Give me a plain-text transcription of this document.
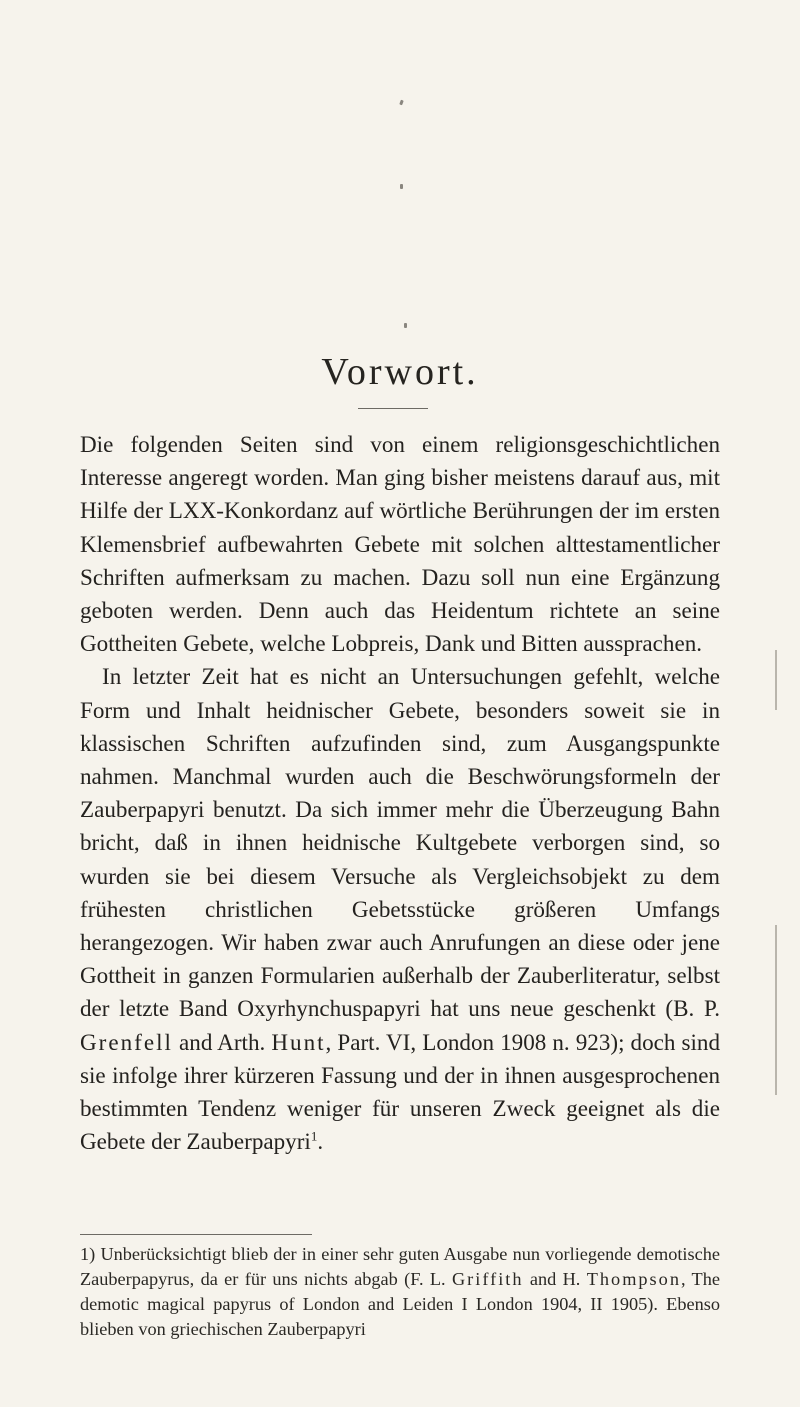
Vorwort.

Die folgenden Seiten sind von einem religionsgeschichtlichen Interesse angeregt worden. Man ging bisher meistens darauf aus, mit Hilfe der LXX-Konkordanz auf wörtliche Berührungen der im ersten Klemensbrief aufbewahrten Gebete mit solchen alttestamentlicher Schriften aufmerksam zu machen. Dazu soll nun eine Ergänzung geboten werden. Denn auch das Heidentum richtete an seine Gottheiten Gebete, welche Lobpreis, Dank und Bitten aussprachen.

In letzter Zeit hat es nicht an Untersuchungen gefehlt, welche Form und Inhalt heidnischer Gebete, besonders soweit sie in klassischen Schriften aufzufinden sind, zum Ausgangspunkte nahmen. Manchmal wurden auch die Beschwörungsformeln der Zauberpapyri benutzt. Da sich immer mehr die Überzeugung Bahn bricht, daß in ihnen heidnische Kultgebete verborgen sind, so wurden sie bei diesem Versuche als Vergleichsobjekt zu dem frühesten christlichen Gebetsstücke größeren Umfangs herangezogen. Wir haben zwar auch Anrufungen an diese oder jene Gottheit in ganzen Formularien außerhalb der Zauberliteratur, selbst der letzte Band Oxyrhynchuspapyri hat uns neue geschenkt (B. P. Grenfell and Arth. Hunt, Part. VI, London 1908 n. 923); doch sind sie infolge ihrer kürzeren Fassung und der in ihnen ausgesprochenen bestimmten Tendenz weniger für unseren Zweck geeignet als die Gebete der Zauberpapyri$^1$.

1) Unberücksichtigt blieb der in einer sehr guten Ausgabe nun vorliegende demotische Zauberpapyrus, da er für uns nichts abgab (F. L. Griffith and H. Thompson, The demotic magical papyrus of London and Leiden I London 1904, II 1905). Ebenso blieben von griechischen Zauberpapyri
